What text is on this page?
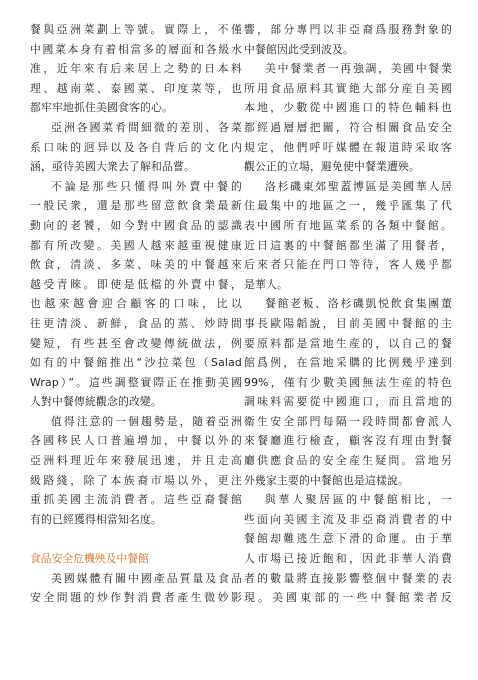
餐與亞洲菜劃上等號。實際上，不僅
中國菜本身有着相當多的層面和各級水
准，近年來有后来居上之勢的日本料
理、越南菜、泰國菜、印度菜等，也
都牢牢地抓住美國食客的心。
亞洲各國菜肴間細微的差別、各菜
系口味的迥异以及各自背后的文化内
涵，亟待美國大衆去了解和品嘗。
不論是那些只懂得叫外賣中餐的
一般民衆，還是那些留意飲食業最新
動向的老饕，如今對中國食品的認識
都有所改變。美國人越來越重視健康
飲食，清淡、多菜、味美的中餐越來
越受青睞。即使是低檔的外賣中餐，
也越來越會迎合顧客的口味，比以
往更清淡、新鮮，食品的蒸、炒時間
變短，有些甚至會改變傳統做法，例
如有的中餐館推出“沙拉菜包（Salad
Wrap）”。這些調整實際正在推動美國
人對中餐傳統觀念的改變。
值得注意的一個趨勢是，隨着亞洲
各國移民人口普遍增加，中餐以外的
亞洲料理近年來發展迅速，并且走高
級路綫，除了本族裔市場以外，更注
重抓美國主流消費者。這些亞裔餐館
有的已經獲得相當知名度。
食品安全危機殃及中餐館
美國媒體有關中國產品質量及食品
安全問題的炒作對消費者產生微妙影
響，部分專門以非亞裔爲服務對象的
中餐館因此受到波及。
美中餐業者一再強調，美國中餐業
所用食品原料其實絶大部分産自美國
本地，少數從中國進口的特色輔料也
都經過層層把關，符合相關食品安全
規定，他們呼吁媒體在報道時采取客
觀公正的立場，避免使中餐業遭殃。
洛杉磯東郊聖蓋博區是美國華人居
住最集中的地區之一，幾乎匯集了代
表中國所有地區菜系的各類中餐館。
近日這裏的中餐館都坐滿了用餐者，
后來者只能在門口等待，客人幾乎都
是華人。
餐館老板、洛杉磯凱悦飲食集團董
事長歐陽韜說，目前美國中餐館的主
要原料都是當地生産的，以自己的餐
館爲例，在當地采購的比例幾乎達到
99%，僅有少數美國無法生産的特色
調味料需要從中國進口，而且當地的
衛生安全部門每隔一段時間都會派人
來餐廳進行檢查，顧客沒有理由對餐
廳供應食品的安全産生疑問。當地另
外幾家主要的中餐館也是這樣說。
與華人聚居區的中餐館相比，一
些面向美國主流及非亞裔消費者的中
餐館却難逃生意下滑的命運。由于華
人市場已接近飽和，因此非華人消費
者的數量將直接影響整個中餐業的表
現。美國東部的一些中餐館業者反
